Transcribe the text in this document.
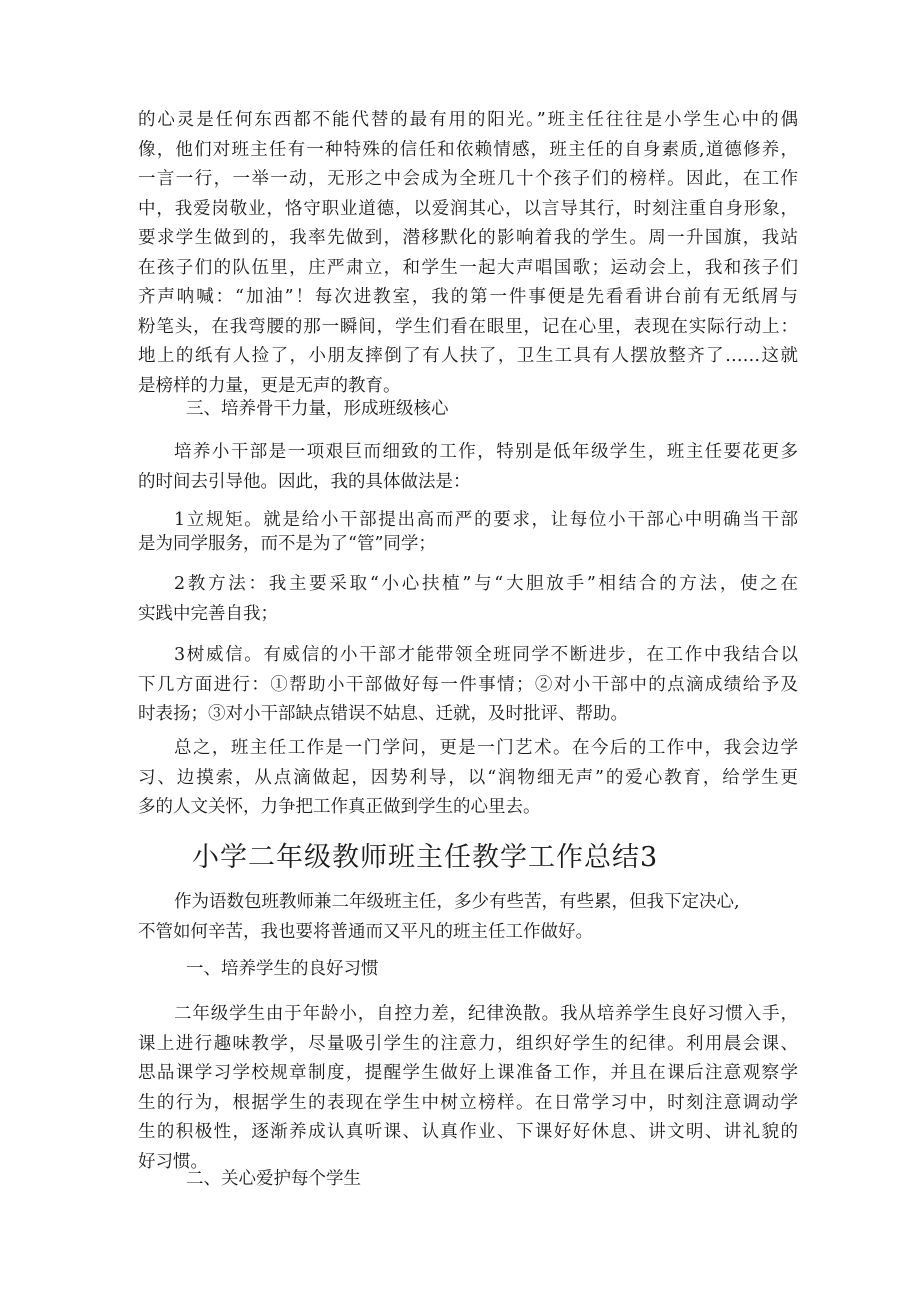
的心灵是任何东西都不能代替的最有用的阳光。”班主任往往是小学生心中的偶
像，他们对班主任有一种特殊的信任和依赖情感，班主任的自身素质,道德修养，
一言一行，一举一动，无形之中会成为全班几十个孩子们的榜样。因此，在工作
中，我爱岗敬业，恪守职业道德，以爱润其心，以言导其行，时刻注重自身形象，
要求学生做到的，我率先做到，潜移默化的影响着我的学生。周一升国旗，我站
在孩子们的队伍里，庄严肃立，和学生一起大声唱国歌；运动会上，我和孩子们
齐声呐喊：“加油”！每次进教室，我的第一件事便是先看看讲台前有无纸屑与
粉笔头，在我弯腰的那一瞬间，学生们看在眼里，记在心里，表现在实际行动上：
地上的纸有人捡了，小朋友摔倒了有人扶了，卫生工具有人摆放整齐了……这就
是榜样的力量，更是无声的教育。
三、培养骨干力量，形成班级核心
培养小干部是一项艰巨而细致的工作，特别是低年级学生，班主任要花更多
的时间去引导他。因此，我的具体做法是：
1立规矩。就是给小干部提出高而严的要求，让每位小干部心中明确当干部
是为同学服务，而不是为了“管”同学；
2教方法：我主要采取“小心扶植”与“大胆放手”相结合的方法，使之在
实践中完善自我；
3树威信。有威信的小干部才能带领全班同学不断进步，在工作中我结合以
下几方面进行：①帮助小干部做好每一件事情；②对小干部中的点滴成绩给予及
时表扬；③对小干部缺点错误不姑息、迁就，及时批评、帮助。
总之，班主任工作是一门学问，更是一门艺术。在今后的工作中，我会边学
习、边摸索，从点滴做起，因势利导，以“润物细无声”的爱心教育，给学生更
多的人文关怀，力争把工作真正做到学生的心里去。
小学二年级教师班主任教学工作总结3
作为语数包班教师兼二年级班主任，多少有些苦，有些累，但我下定决心,
不管如何辛苦，我也要将普通而又平凡的班主任工作做好。
一、培养学生的良好习惯
二年级学生由于年龄小，自控力差，纪律涣散。我从培养学生良好习惯入手，
课上进行趣味教学，尽量吸引学生的注意力，组织好学生的纪律。利用晨会课、
思品课学习学校规章制度，提醒学生做好上课准备工作，并且在课后注意观察学
生的行为，根据学生的表现在学生中树立榜样。在日常学习中，时刻注意调动学
生的积极性，逐渐养成认真听课、认真作业、下课好好休息、讲文明、讲礼貌的
好习惯。
二、关心爱护每个学生
